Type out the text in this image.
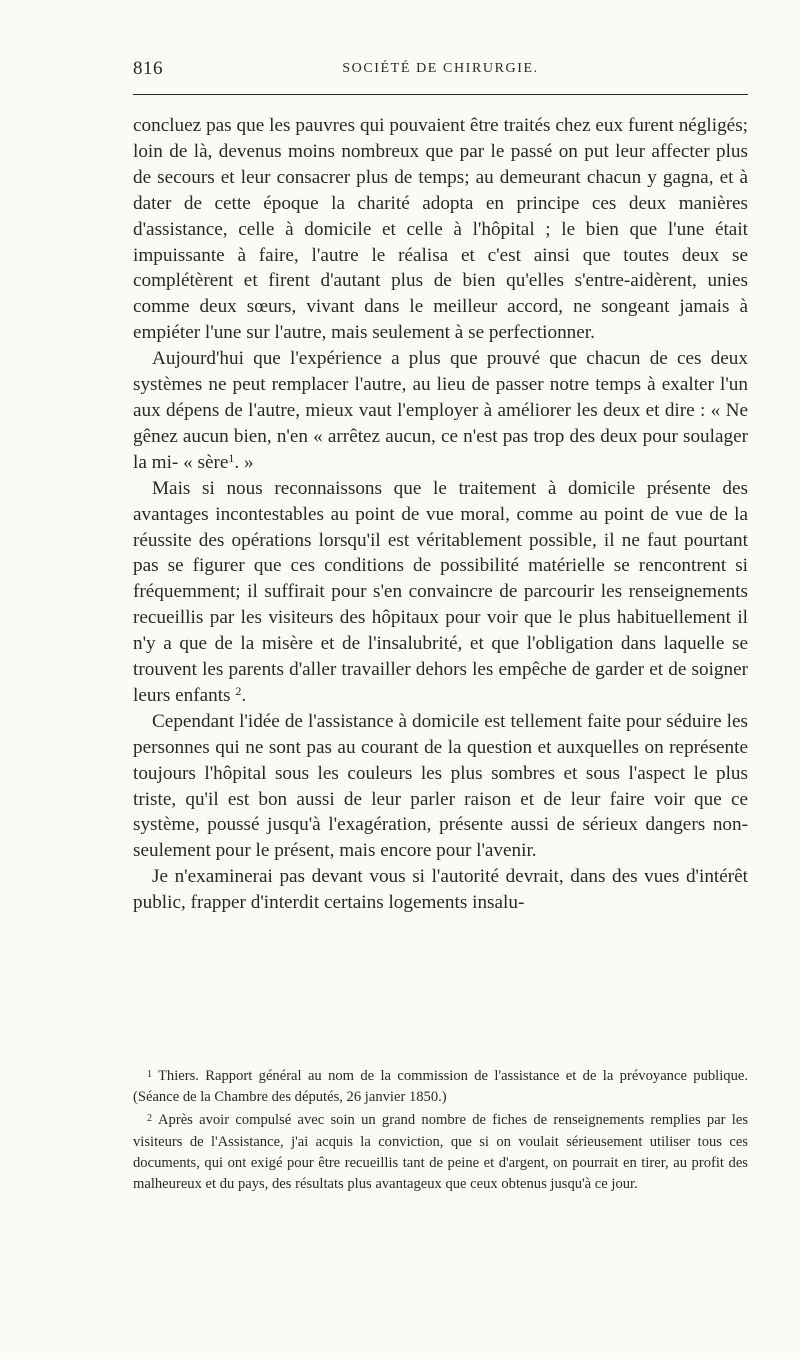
816	SOCIÉTÉ DE CHIRURGIE.

concluez pas que les pauvres qui pouvaient être traités chez eux furent négligés; loin de là, devenus moins nombreux que par le passé on put leur affecter plus de secours et leur consacrer plus de temps; au demeurant chacun y gagna, et à dater de cette époque la charité adopta en principe ces deux manières d'assistance, celle à domicile et celle à l'hôpital ; le bien que l'une était impuissante à faire, l'autre le réalisa et c'est ainsi que toutes deux se complétèrent et firent d'autant plus de bien qu'elles s'entre-aidèrent, unies comme deux sœurs, vivant dans le meilleur accord, ne songeant jamais à empiéter l'une sur l'autre, mais seulement à se perfectionner.

Aujourd'hui que l'expérience a plus que prouvé que chacun de ces deux systèmes ne peut remplacer l'autre, au lieu de passer notre temps à exalter l'un aux dépens de l'autre, mieux vaut l'employer à améliorer les deux et dire : « Ne gênez aucun bien, n'en « arrêtez aucun, ce n'est pas trop des deux pour soulager la mi- « sère$^1$. »

Mais si nous reconnaissons que le traitement à domicile présente des avantages incontestables au point de vue moral, comme au point de vue de la réussite des opérations lorsqu'il est véritablement possible, il ne faut pourtant pas se figurer que ces conditions de possibilité matérielle se rencontrent si fréquemment; il suffirait pour s'en convaincre de parcourir les renseignements recueillis par les visiteurs des hôpitaux pour voir que le plus habituellement il n'y a que de la misère et de l'insalubrité, et que l'obligation dans laquelle se trouvent les parents d'aller travailler dehors les empêche de garder et de soigner leurs enfants $^2$.

Cependant l'idée de l'assistance à domicile est tellement faite pour séduire les personnes qui ne sont pas au courant de la question et auxquelles on représente toujours l'hôpital sous les couleurs les plus sombres et sous l'aspect le plus triste, qu'il est bon aussi de leur parler raison et de leur faire voir que ce système, poussé jusqu'à l'exagération, présente aussi de sérieux dangers non-seulement pour le présent, mais encore pour l'avenir.

Je n'examinerai pas devant vous si l'autorité devrait, dans des vues d'intérêt public, frapper d'interdit certains logements insalu-

$^1$ Thiers. Rapport général au nom de la commission de l'assistance et de la prévoyance publique. (Séance de la Chambre des députés, 26 janvier 1850.)

$^2$ Après avoir compulsé avec soin un grand nombre de fiches de renseignements remplies par les visiteurs de l'Assistance, j'ai acquis la conviction, que si on voulait sérieusement utiliser tous ces documents, qui ont exigé pour être recueillis tant de peine et d'argent, on pourrait en tirer, au profit des malheureux et du pays, des résultats plus avantageux que ceux obtenus jusqu'à ce jour.
